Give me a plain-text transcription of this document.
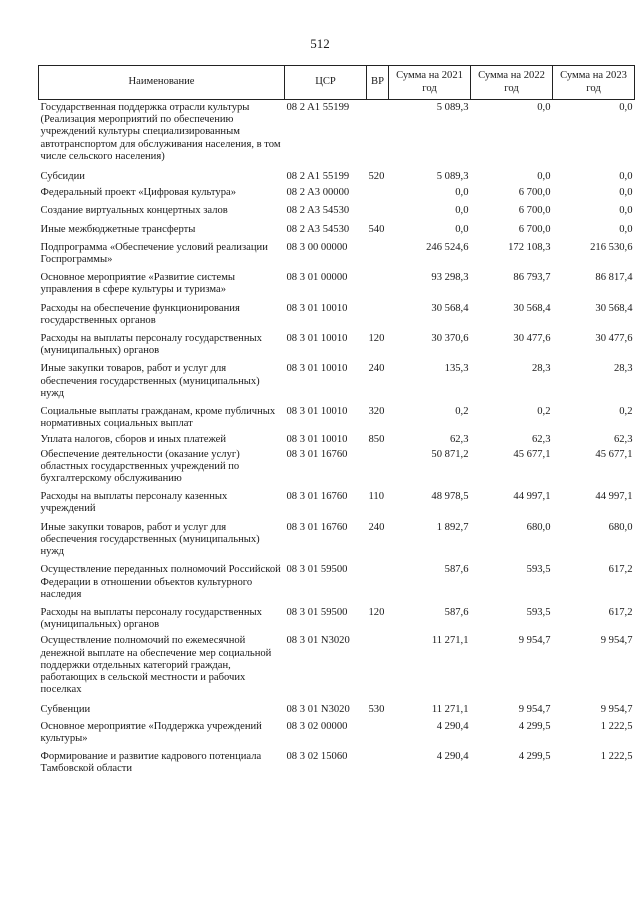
512
Наименование	ЦСР	ВР	Сумма на 2021 год	Сумма на 2022 год	Сумма на 2023 год
Государственная поддержка отрасли культуры (Реализация мероприятий по обеспечению учреждений культуры специализированным автотранспортом для обслуживания населения, в том числе сельского населения)	08 2 A1 55199		5 089,3	0,0	0,0
Субсидии	08 2 A1 55199	520	5 089,3	0,0	0,0
Федеральный проект «Цифровая культура»	08 2 A3 00000		0,0	6 700,0	0,0
Создание виртуальных концертных залов	08 2 A3 54530		0,0	6 700,0	0,0
Иные межбюджетные трансферты	08 2 A3 54530	540	0,0	6 700,0	0,0
Подпрограмма «Обеспечение условий реализации Госпрограммы»	08 3 00 00000		246 524,6	172 108,3	216 530,6
Основное мероприятие «Развитие системы управления в сфере культуры и туризма»	08 3 01 00000		93 298,3	86 793,7	86 817,4
Расходы на обеспечение функционирования государственных органов	08 3 01 10010		30 568,4	30 568,4	30 568,4
Расходы на выплаты персоналу государственных (муниципальных) органов	08 3 01 10010	120	30 370,6	30 477,6	30 477,6
Иные закупки товаров, работ и услуг для обеспечения государственных (муниципальных) нужд	08 3 01 10010	240	135,3	28,3	28,3
Социальные выплаты гражданам, кроме публичных нормативных социальных выплат	08 3 01 10010	320	0,2	0,2	0,2
Уплата налогов, сборов и иных платежей	08 3 01 10010	850	62,3	62,3	62,3
Обеспечение деятельности (оказание услуг) областных государственных учреждений по бухгалтерскому обслуживанию	08 3 01 16760		50 871,2	45 677,1	45 677,1
Расходы на выплаты персоналу казенных учреждений	08 3 01 16760	110	48 978,5	44 997,1	44 997,1
Иные закупки товаров, работ и услуг для обеспечения государственных (муниципальных) нужд	08 3 01 16760	240	1 892,7	680,0	680,0
Осуществление переданных полномочий Российской Федерации в отношении объектов культурного наследия	08 3 01 59500		587,6	593,5	617,2
Расходы на выплаты персоналу государственных (муниципальных) органов	08 3 01 59500	120	587,6	593,5	617,2
Осуществление полномочий по ежемесячной денежной выплате на обеспечение мер социальной поддержки отдельных категорий граждан, работающих в сельской местности и рабочих поселках	08 3 01 N3020		11 271,1	9 954,7	9 954,7
Субвенции	08 3 01 N3020	530	11 271,1	9 954,7	9 954,7
Основное мероприятие «Поддержка учреждений культуры»	08 3 02 00000		4 290,4	4 299,5	1 222,5
Формирование и развитие кадрового потенциала Тамбовской области	08 3 02 15060		4 290,4	4 299,5	1 222,5
